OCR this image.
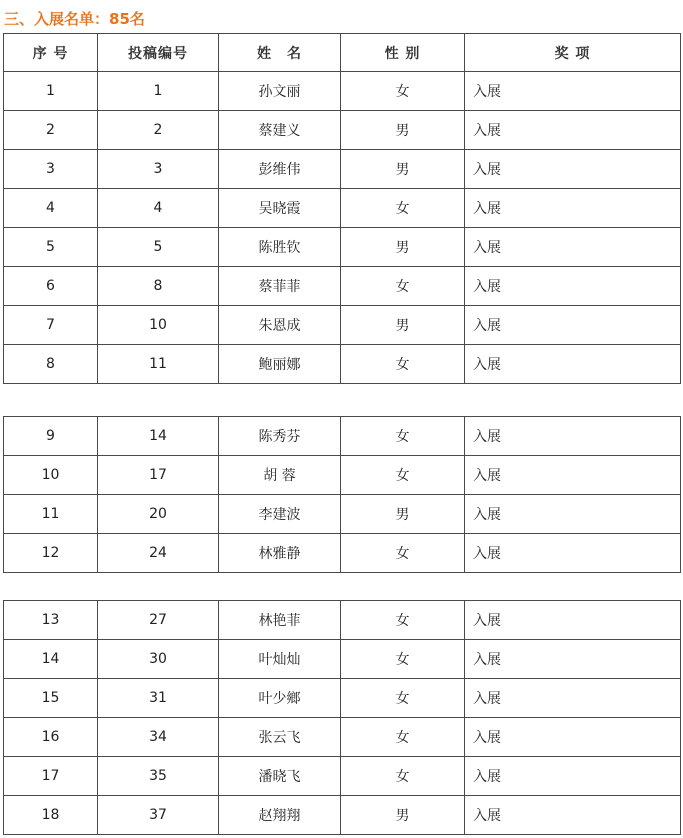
三、入展名单：85名
序 号	投稿编号	姓　名	性 别	奖 项
1	1	孙文丽	女	入展
2	2	蔡建义	男	入展
3	3	彭维伟	男	入展
4	4	吴晓霞	女	入展
5	5	陈胜钦	男	入展
6	8	蔡菲菲	女	入展
7	10	朱恩成	男	入展
8	11	鲍丽娜	女	入展
9	14	陈秀芬	女	入展
10	17	胡 蓉	女	入展
11	20	李建波	男	入展
12	24	林雅静	女	入展
13	27	林艳菲	女	入展
14	30	叶灿灿	女	入展
15	31	叶少鄉	女	入展
16	34	张云飞	女	入展
17	35	潘晓飞	女	入展
18	37	赵翔翔	男	入展
